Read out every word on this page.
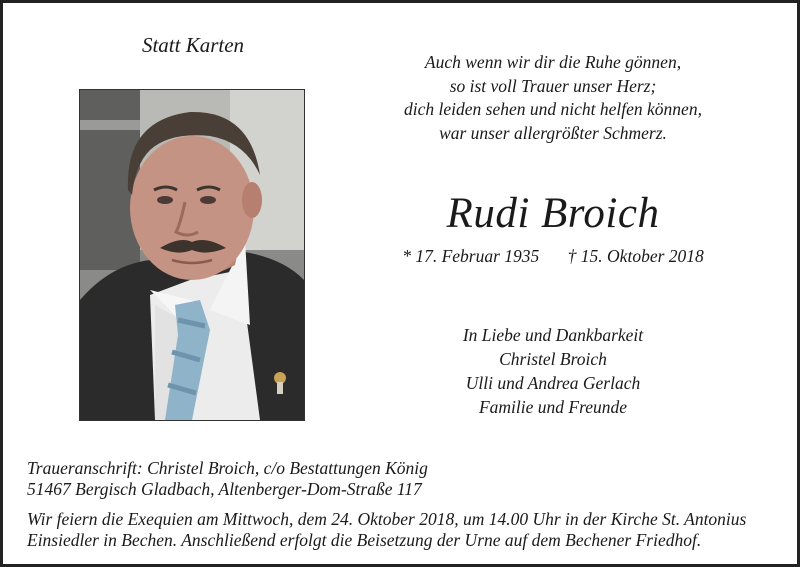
Statt Karten
Auch wenn wir dir die Ruhe gönnen,
so ist voll Trauer unser Herz;
dich leiden sehen und nicht helfen können,
war unser allergrößter Schmerz.
Rudi Broich
* 17. Februar 1935 † 15. Oktober 2018
In Liebe und Dankbarkeit
Christel Broich
Ulli und Andrea Gerlach
Familie und Freunde
Traueranschrift: Christel Broich, c/o Bestattungen König
51467 Bergisch Gladbach, Altenberger-Dom-Straße 117
Wir feiern die Exequien am Mittwoch, dem 24. Oktober 2018, um 14.00 Uhr in der Kirche St. Antonius
Einsiedler in Bechen. Anschließend erfolgt die Beisetzung der Urne auf dem Bechener Friedhof.
